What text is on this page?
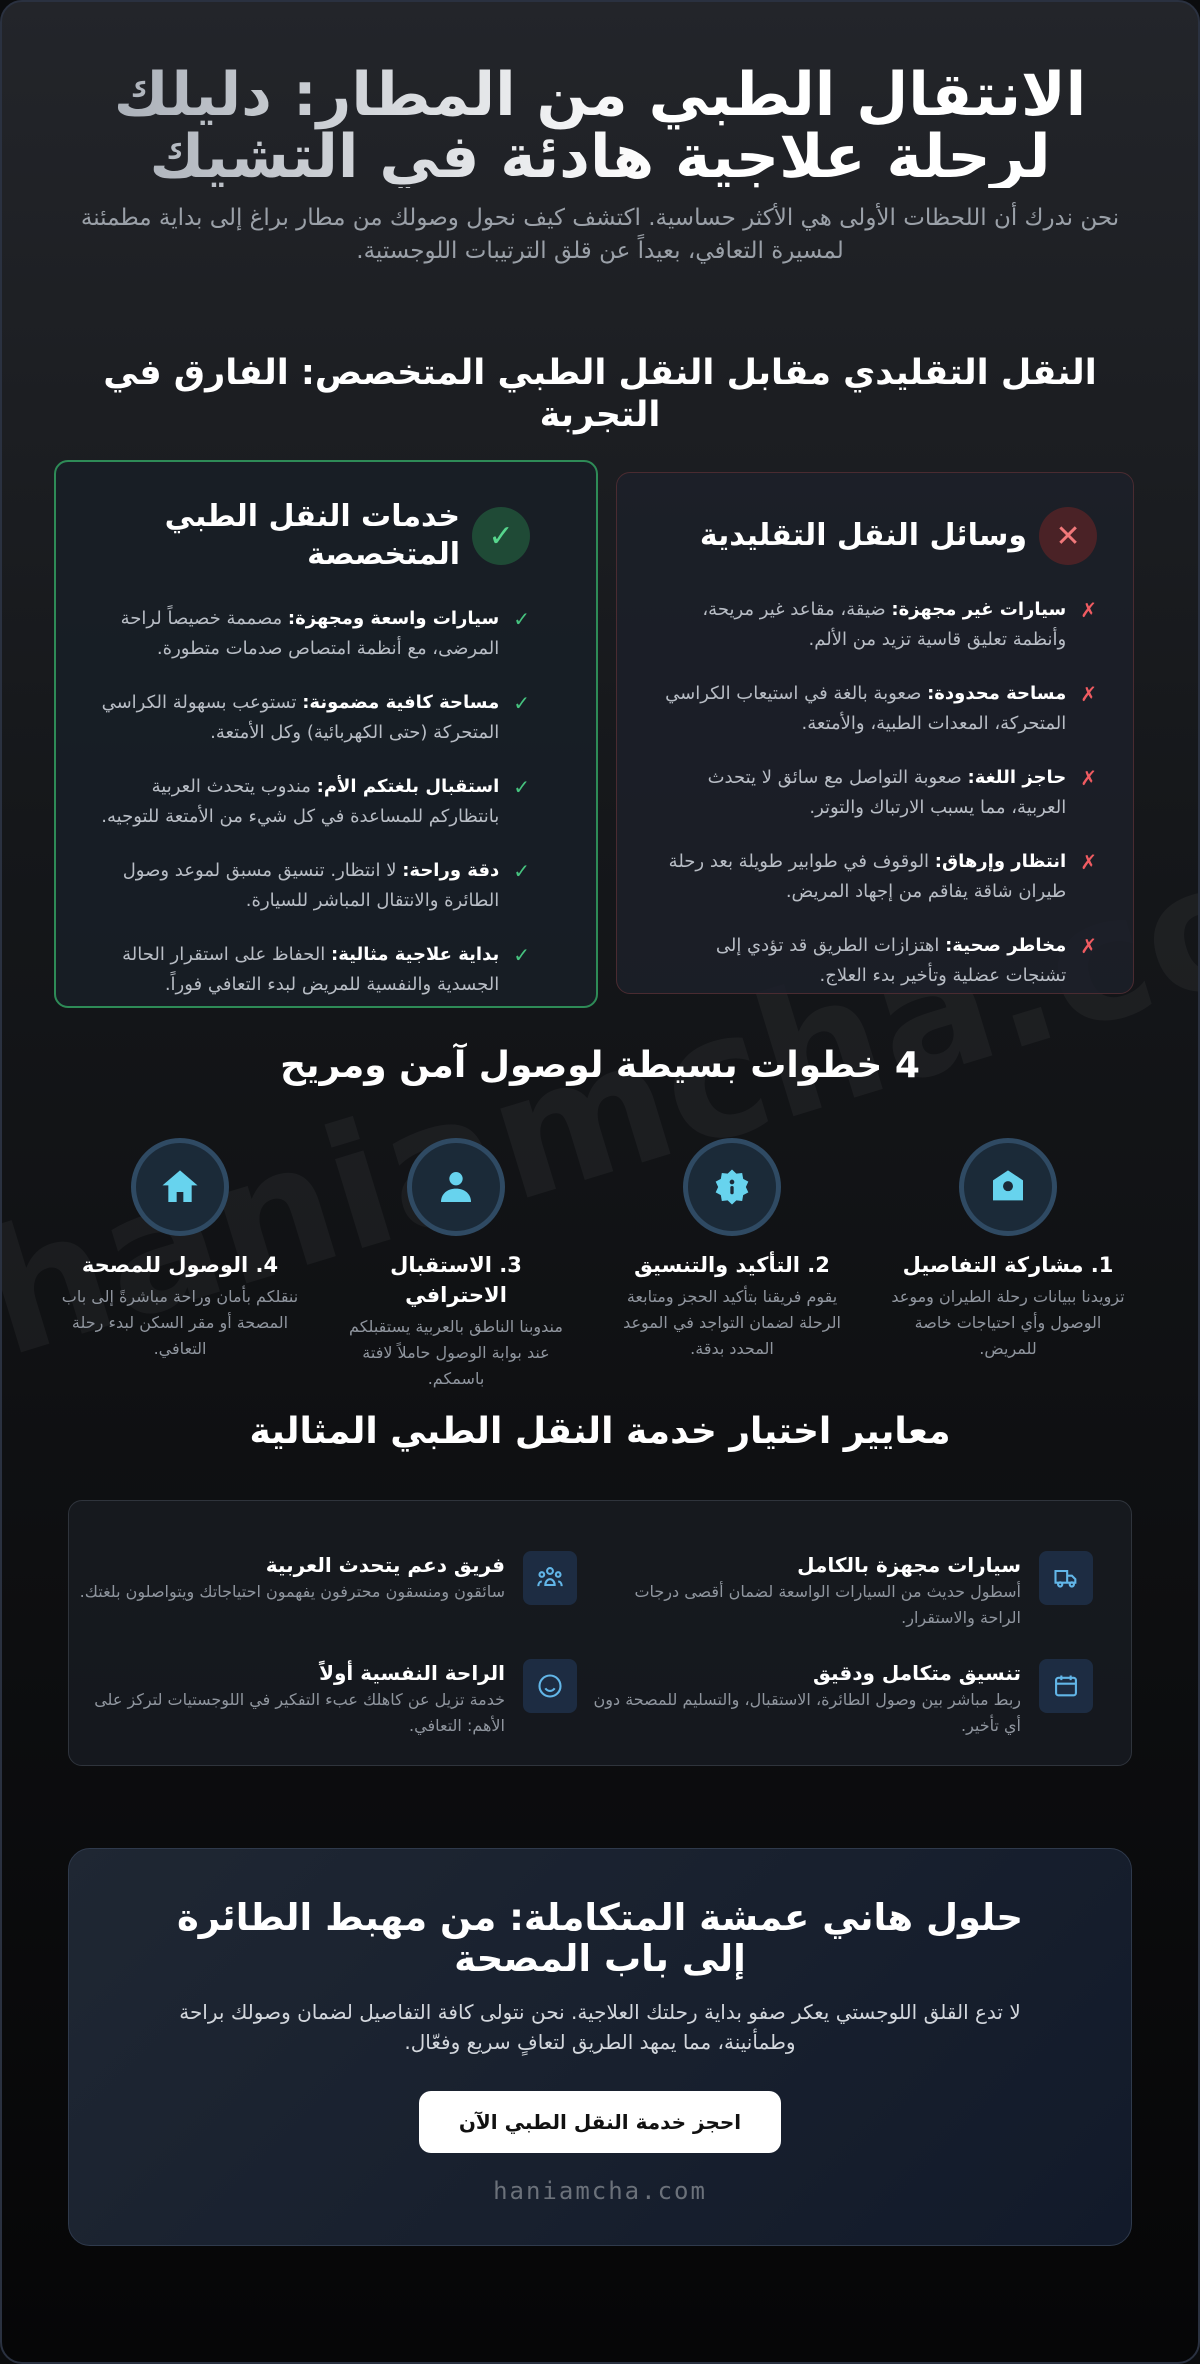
الانتقال الطبي من المطار: دليلك لرحلة علاجية هادئة في التشيك

نحن ندرك أن اللحظات الأولى هي الأكثر حساسية. اكتشف كيف نحول وصولك من مطار براغ إلى بداية مطمئنة لمسيرة التعافي، بعيداً عن قلق الترتيبات اللوجستية.

النقل التقليدي مقابل النقل الطبي المتخصص: الفارق في التجربة
✕
وسائل النقل التقليدية
✗
سيارات غير مجهزة: ضيقة، مقاعد غير مريحة، وأنظمة تعليق قاسية تزيد من الألم.
✗
مساحة محدودة: صعوبة بالغة في استيعاب الكراسي المتحركة، المعدات الطبية، والأمتعة.
✗
حاجز اللغة: صعوبة التواصل مع سائق لا يتحدث العربية، مما يسبب الارتباك والتوتر.
✗
انتظار وإرهاق: الوقوف في طوابير طويلة بعد رحلة طيران شاقة يفاقم من إجهاد المريض.
✗
مخاطر صحية: اهتزازات الطريق قد تؤدي إلى تشنجات عضلية وتأخير بدء العلاج.
✓
خدمات النقل الطبي المتخصصة
✓
سيارات واسعة ومجهزة: مصممة خصيصاً لراحة المرضى، مع أنظمة امتصاص صدمات متطورة.
✓
مساحة كافية مضمونة: تستوعب بسهولة الكراسي المتحركة (حتى الكهربائية) وكل الأمتعة.
✓
استقبال بلغتكم الأم: مندوب يتحدث العربية بانتظاركم للمساعدة في كل شيء من الأمتعة للتوجيه.
✓
دقة وراحة: لا انتظار. تنسيق مسبق لموعد وصول الطائرة والانتقال المباشر للسيارة.
✓
بداية علاجية مثالية: الحفاظ على استقرار الحالة الجسدية والنفسية للمريض لبدء التعافي فوراً.
4 خطوات بسيطة لوصول آمن ومريح
1. مشاركة التفاصيل
تزويدنا ببيانات رحلة الطيران وموعد الوصول وأي احتياجات خاصة للمريض.
2. التأكيد والتنسيق
يقوم فريقنا بتأكيد الحجز ومتابعة الرحلة لضمان التواجد في الموعد المحدد بدقة.
3. الاستقبال الاحترافي
مندوبنا الناطق بالعربية يستقبلكم عند بوابة الوصول حاملاً لافتة باسمكم.
4. الوصول للمصحة
ننقلكم بأمان وراحة مباشرةً إلى باب المصحة أو مقر السكن لبدء رحلة التعافي.
معايير اختيار خدمة النقل الطبي المثالية
سيارات مجهزة بالكامل
أسطول حديث من السيارات الواسعة لضمان أقصى درجات الراحة والاستقرار.
فريق دعم يتحدث العربية
سائقون ومنسقون محترفون يفهمون احتياجاتك ويتواصلون بلغتك.
تنسيق متكامل ودقيق
ربط مباشر بين وصول الطائرة، الاستقبال، والتسليم للمصحة دون أي تأخير.
الراحة النفسية أولاً
خدمة تزيل عن كاهلك عبء التفكير في اللوجستيات لتركز على الأهم: التعافي.
حلول هاني عمشة المتكاملة: من مهبط الطائرة إلى باب المصحة

لا تدع القلق اللوجستي يعكر صفو بداية رحلتك العلاجية. نحن نتولى كافة التفاصيل لضمان وصولك براحة وطمأنينة، مما يمهد الطريق لتعافٍ سريع وفعّال.

احجز خدمة النقل الطبي الآن
haniamcha.com
